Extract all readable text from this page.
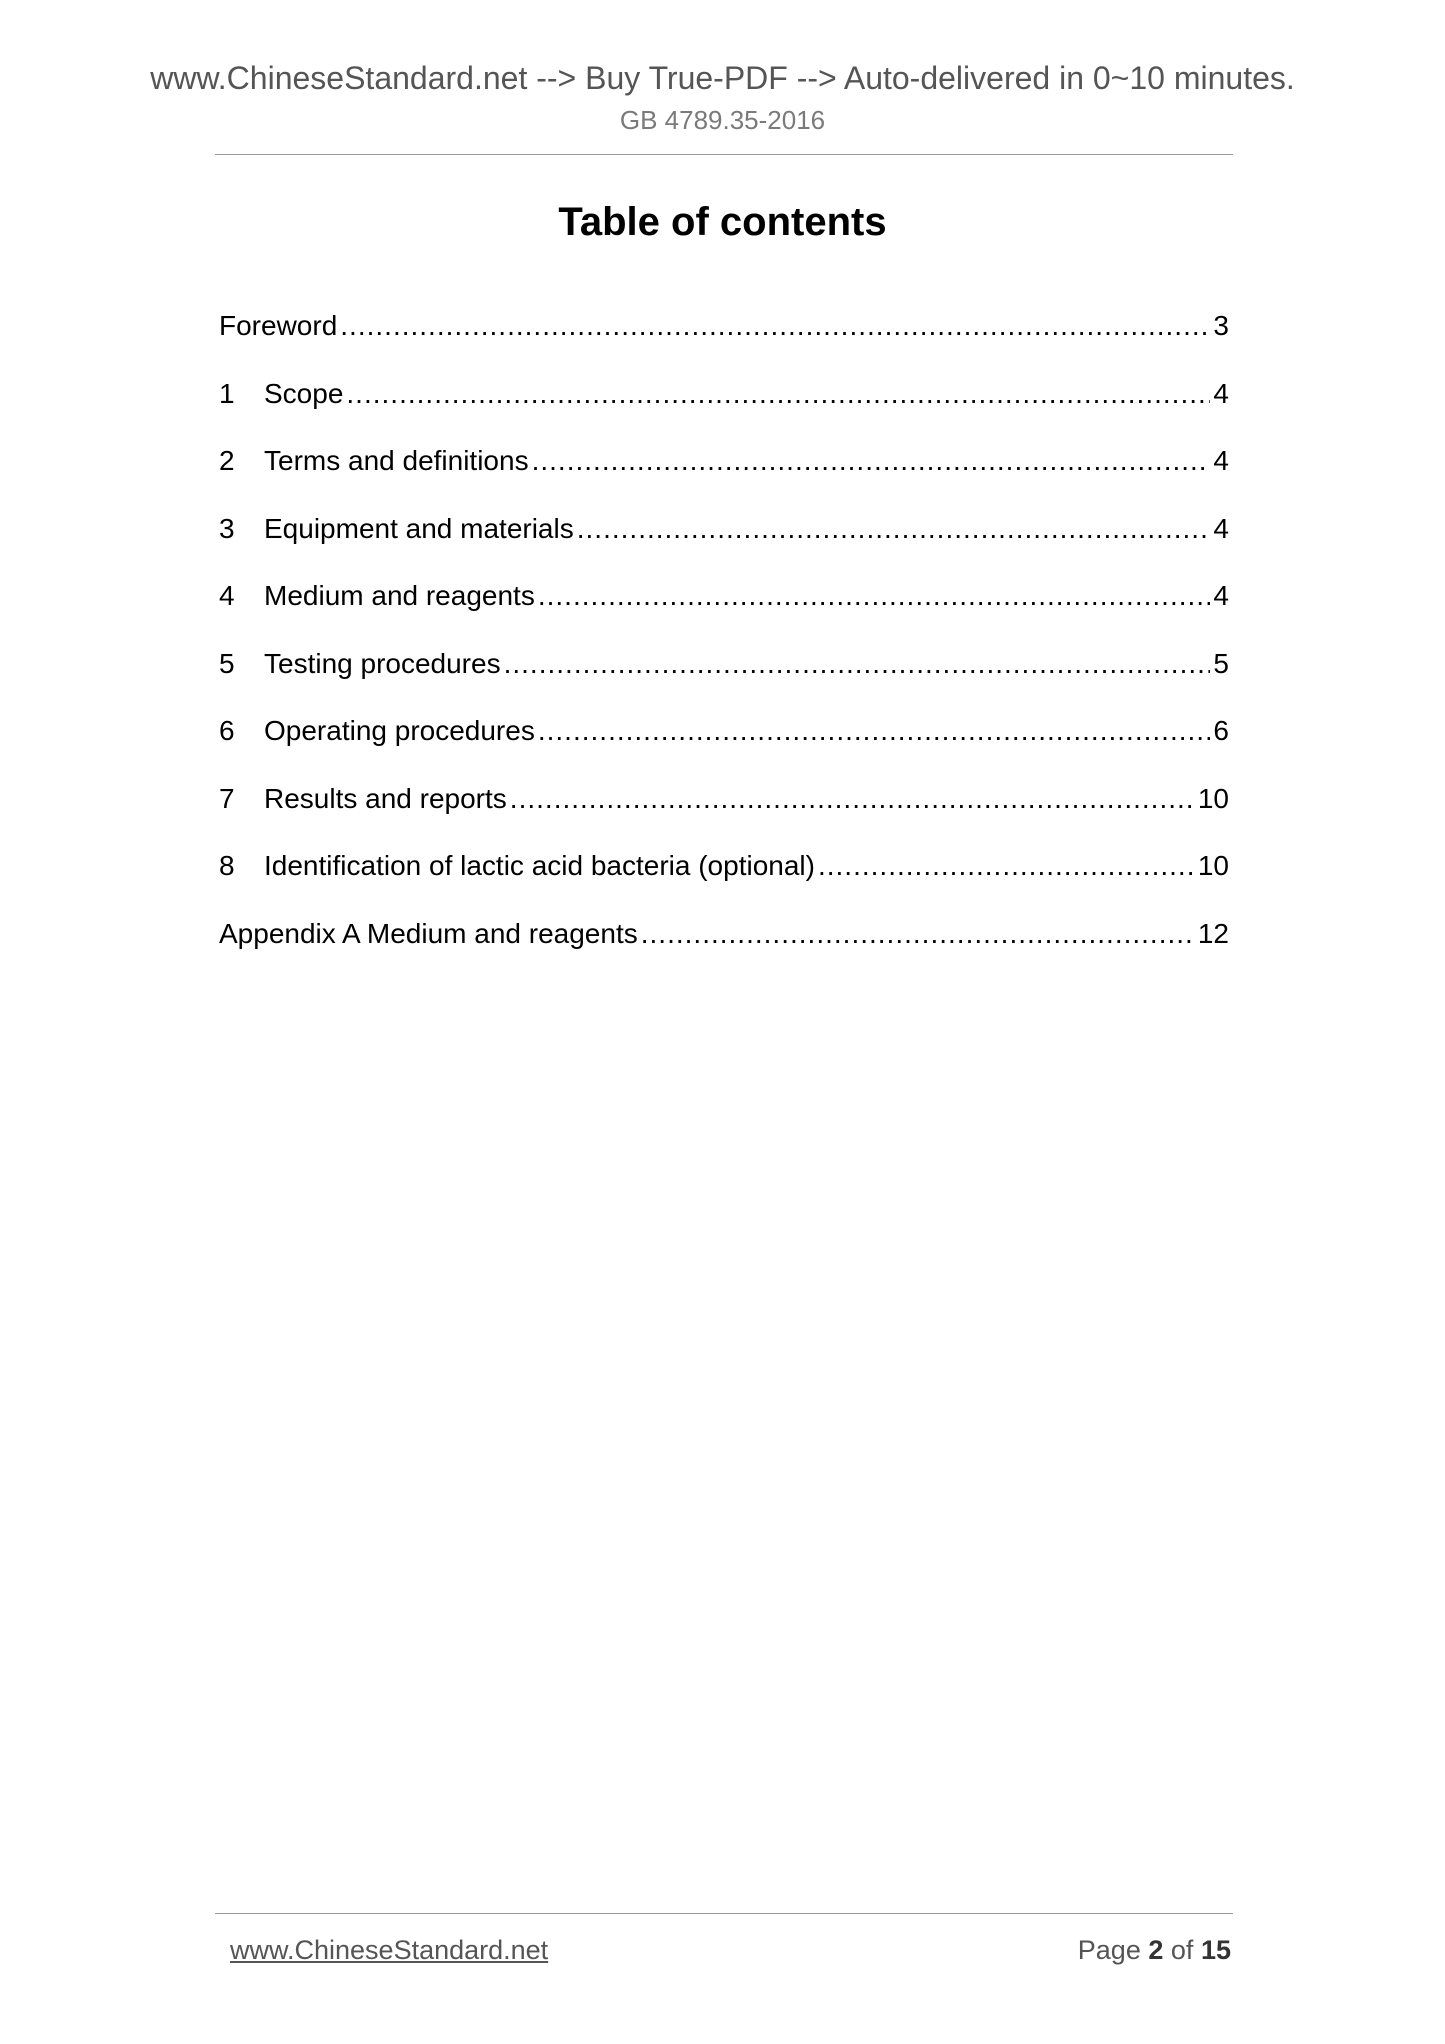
www.ChineseStandard.net --> Buy True-PDF --> Auto-delivered in 0~10 minutes.
GB 4789.35-2016
Table of contents
Foreword .....	3
1	Scope .....	4
2	Terms and definitions .....	4
3	Equipment and materials .....	4
4	Medium and reagents .....	4
5	Testing procedures .....	5
6	Operating procedures .....	6
7	Results and reports .....	10
8	Identification of lactic acid bacteria (optional) .....	10
Appendix A Medium and reagents .....	12
www.ChineseStandard.net	Page 2 of 15
